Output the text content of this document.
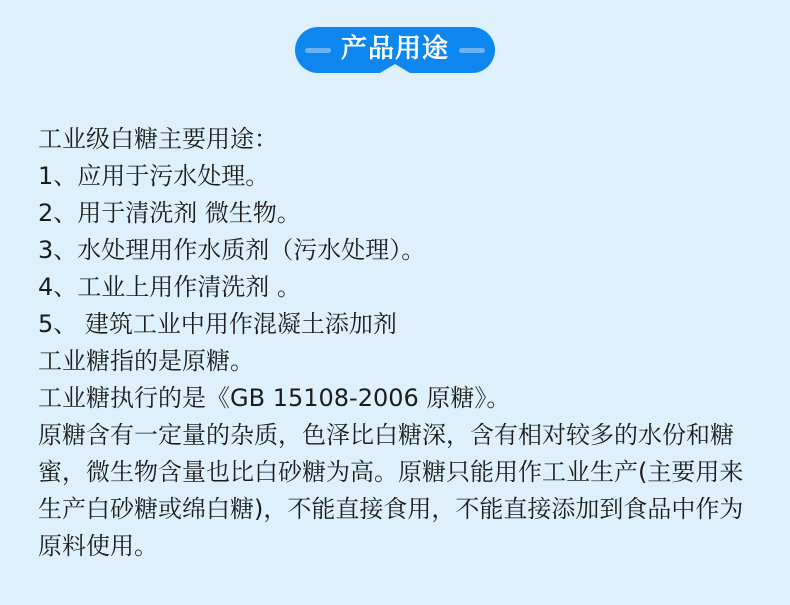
产品用途
工业级白糖主要用途：
1、应用于污水处理。
2、用于清洗剂 微生物。
3、水处理用作水质剂（污水处理）。
4、工业上用作清洗剂 。
5、 建筑工业中用作混凝土添加剂
工业糖指的是原糖。
工业糖执行的是《GB 15108-2006 原糖》。
原糖含有一定量的杂质，色泽比白糖深，含有相对较多的水份和糖
蜜，微生物含量也比白砂糖为高。原糖只能用作工业生产(主要用来
生产白砂糖或绵白糖)，不能直接食用，不能直接添加到食品中作为
原料使用。
